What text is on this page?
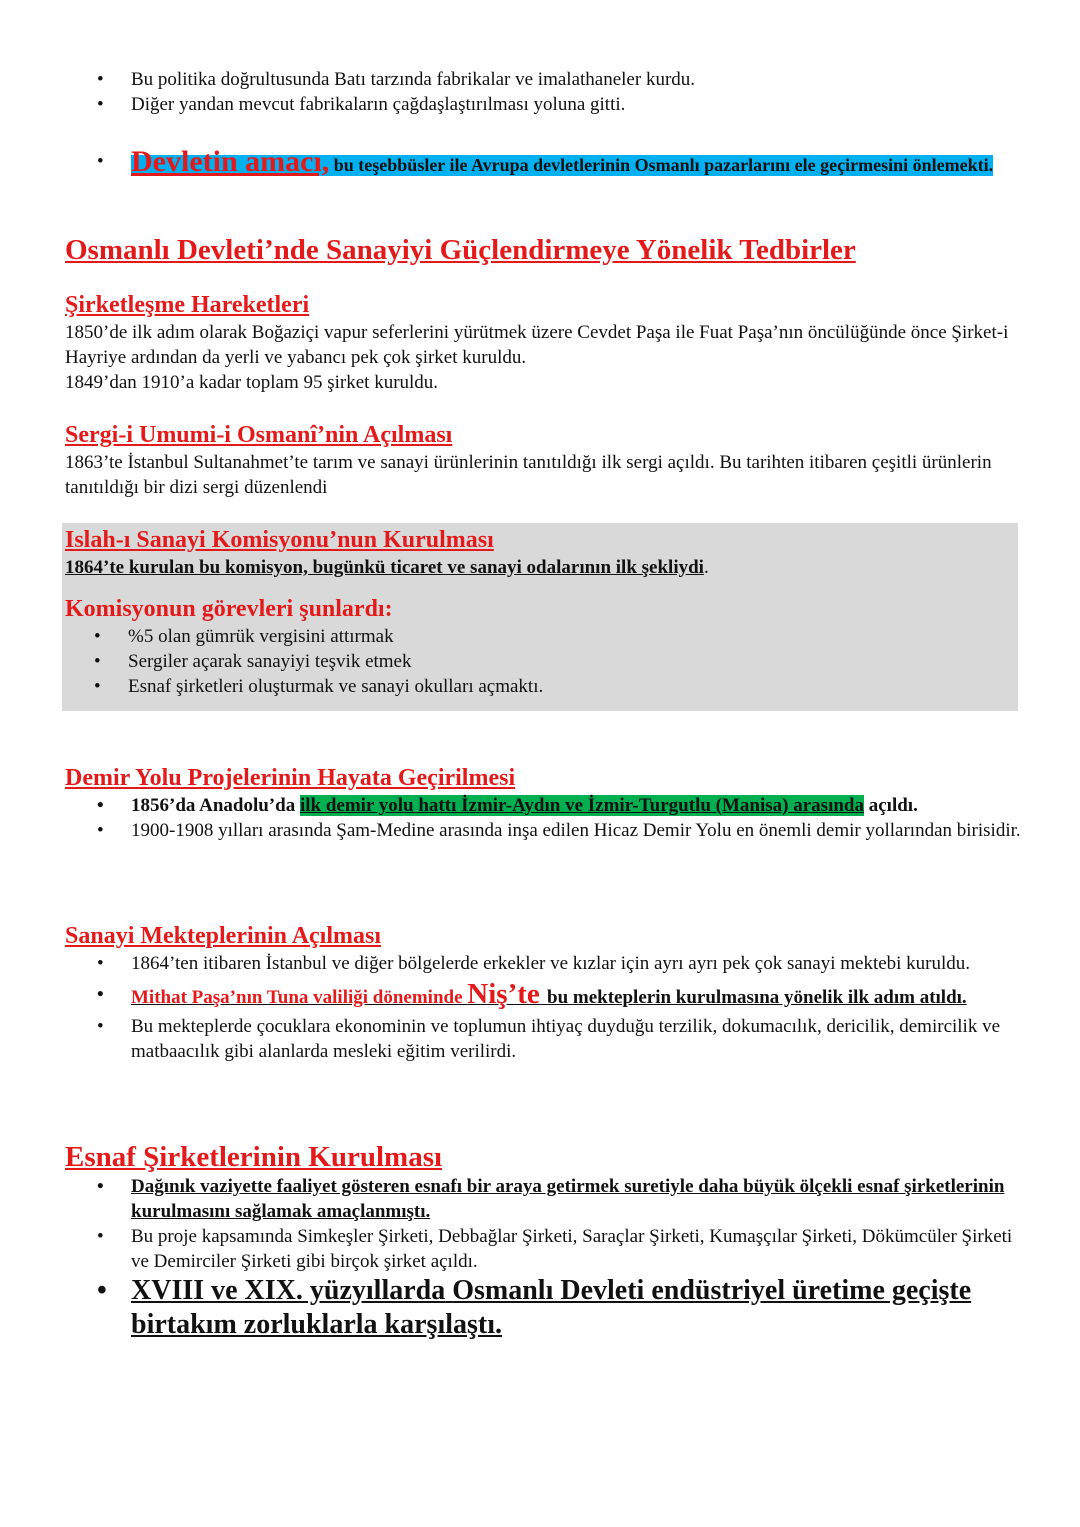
• Bu politika doğrultusunda Batı tarzında fabrikalar ve imalathaneler kurdu.
• Diğer yandan mevcut fabrikaların çağdaşlaştırılması yoluna gitti.
• Devletin amacı, bu teşebbüsler ile Avrupa devletlerinin Osmanlı pazarlarını ele geçirmesini önlemekti.

Osmanlı Devleti’nde Sanayiyi Güçlendirmeye Yönelik Tedbirler

Şirketleşme Hareketleri

1850’de ilk adım olarak Boğaziçi vapur seferlerini yürütmek üzere Cevdet Paşa ile Fuat Paşa’nın öncülüğünde önce Şirket-i Hayriye ardından da yerli ve yabancı pek çok şirket kuruldu.

1849’dan 1910’a kadar toplam 95 şirket kuruldu.

Sergi-i Umumi-i Osmanî’nin Açılması

1863’te İstanbul Sultanahmet’te tarım ve sanayi ürünlerinin tanıtıldığı ilk sergi açıldı. Bu tarihten itibaren çeşitli ürünlerin tanıtıldığı bir dizi sergi düzenlendi

Islah-ı Sanayi Komisyonu’nun Kurulması

1864’te kurulan bu komisyon, bugünkü ticaret ve sanayi odalarının ilk şekliydi.

Komisyonun görevleri şunlardı:

• %5 olan gümrük vergisini attırmak
• Sergiler açarak sanayiyi teşvik etmek
• Esnaf şirketleri oluşturmak ve sanayi okulları açmaktı.

Demir Yolu Projelerinin Hayata Geçirilmesi

• 1856’da Anadolu’da ilk demir yolu hattı İzmir-Aydın ve İzmir-Turgutlu (Manisa) arasında açıldı.
• 1900-1908 yılları arasında Şam-Medine arasında inşa edilen Hicaz Demir Yolu en önemli demir yollarından birisidir.

Sanayi Mekteplerinin Açılması

• 1864’ten itibaren İstanbul ve diğer bölgelerde erkekler ve kızlar için ayrı ayrı pek çok sanayi mektebi kuruldu.
• Mithat Paşa’nın Tuna valiliği döneminde Niş’te bu mekteplerin kurulmasına yönelik ilk adım atıldı.
• Bu mekteplerde çocuklara ekonominin ve toplumun ihtiyaç duyduğu terzilik, dokumacılık, dericilik, demircilik ve matbaacılık gibi alanlarda mesleki eğitim verilirdi.

Esnaf Şirketlerinin Kurulması

• Dağınık vaziyette faaliyet gösteren esnafı bir araya getirmek suretiyle daha büyük ölçekli esnaf şirketlerinin kurulmasını sağlamak amaçlanmıştı.
• Bu proje kapsamında Simkeşler Şirketi, Debbağlar Şirketi, Saraçlar Şirketi, Kumaşçılar Şirketi, Dökümcüler Şirketi ve Demirciler Şirketi gibi birçok şirket açıldı.
• XVIII ve XIX. yüzyıllarda Osmanlı Devleti endüstriyel üretime geçişte birtakım zorluklarla karşılaştı.
